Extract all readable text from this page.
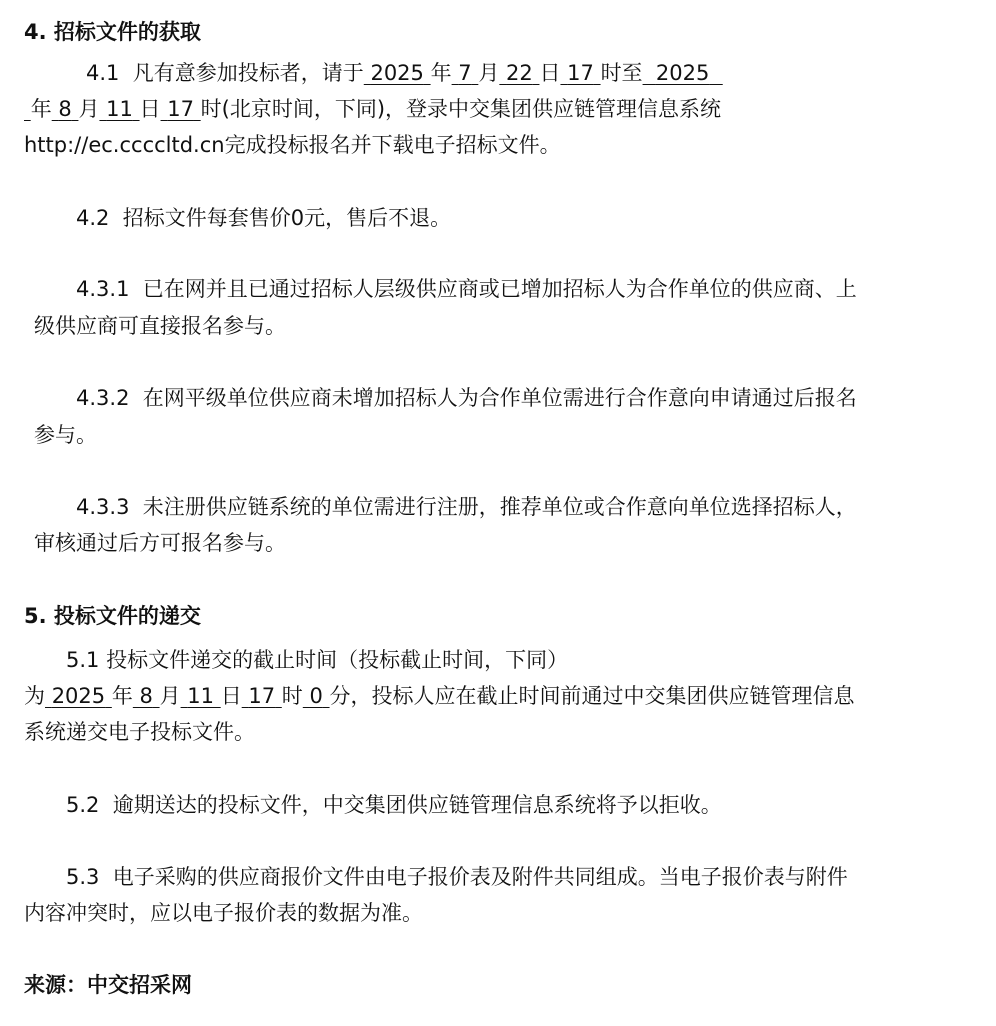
4. 招标文件的获取
4.1 凡有意参加投标者，请于 2025 年 7 月 22 日 17 时至 2025
年 8 月 11 日 17 时(北京时间，下同)，登录中交集团供应链管理信息系统
http://ec.ccccltd.cn完成投标报名并下载电子招标文件。
4.2 招标文件每套售价0元，售后不退。
4.3.1 已在网并且已通过招标人层级供应商或已增加招标人为合作单位的供应商、上
级供应商可直接报名参与。
4.3.2 在网平级单位供应商未增加招标人为合作单位需进行合作意向申请通过后报名
参与。
4.3.3 未注册供应链系统的单位需进行注册，推荐单位或合作意向单位选择招标人，
审核通过后方可报名参与。
5. 投标文件的递交
5.1 投标文件递交的截止时间（投标截止时间，下同）
为 2025 年 8 月 11 日 17 时 0 分，投标人应在截止时间前通过中交集团供应链管理信息
系统递交电子投标文件。
5.2 逾期送达的投标文件，中交集团供应链管理信息系统将予以拒收。
5.3 电子采购的供应商报价文件由电子报价表及附件共同组成。当电子报价表与附件
内容冲突时，应以电子报价表的数据为准。
来源：中交招采网
